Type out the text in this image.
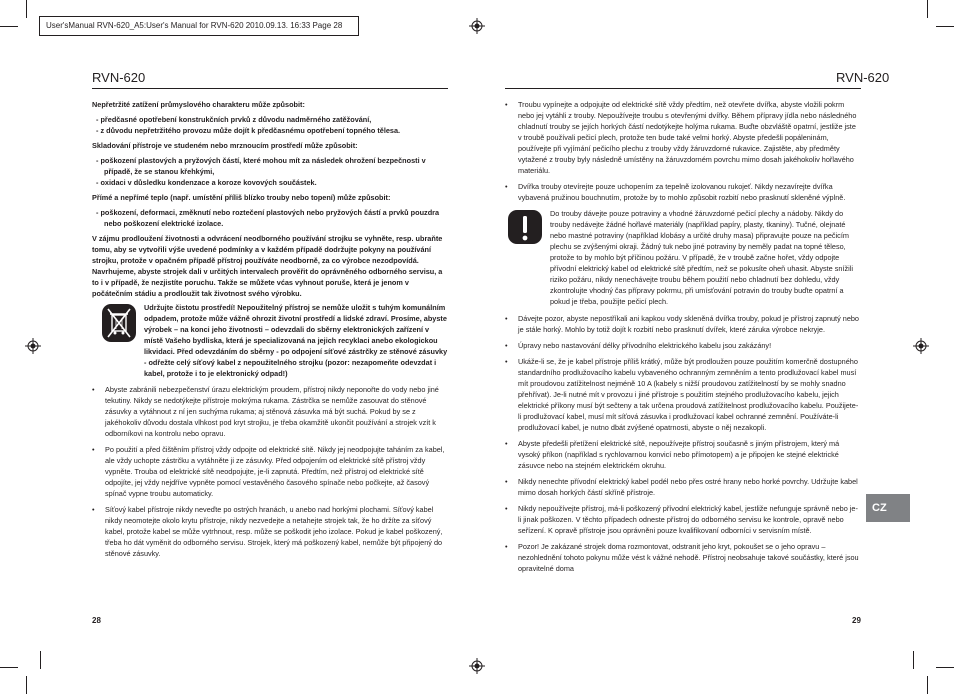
User'sManual RVN-620_A5:User's Manual for RVN-620 2010.09.13. 16:33 Page 28
RVN-620	RVN-620

Nepřetržité zatížení průmyslového charakteru může způsobit:

- předčasné opotřebení konstrukčních prvků z důvodu nadměrného zatěžování,
- z důvodu nepřetržitého provozu může dojít k předčasnému opotřebení topného tělesa.

Skladování přístroje ve studeném nebo mrznoucím prostředí může způsobit:

- poškození plastových a pryžových částí, které mohou mít za následek ohrožení bezpečnosti v případě, že se stanou křehkými,
- oxidaci v důsledku kondenzace a koroze kovových součástek.

Přímé a nepřímé teplo (např. umístění příliš blízko trouby nebo topení) může způsobit:

- poškození, deformaci, změknutí nebo roztečení plastových nebo pryžových částí a prvků pouzdra nebo poškození elektrické izolace.

V zájmu prodloužení životnosti a odvrácení neodborného používání strojku se vyhněte, resp. ubraňte tomu, aby se vytvořili výše uvedené podmínky a v každém případě dodržujte pokyny na používání strojku, protože v opačném případě přístroj používáte neodborně, za co výrobce nezodpovídá. Navrhujeme, abyste strojek dali v určitých intervalech prověřit do oprávněného odborného servisu, a to i v případě, že nezjistíte poruchu. Takže se můžete vćas vyhnout poruše, která je jenom v počátečním stádiu a prodloužit tak životnost svého výrobku.

Udržujte čistotu prostředí! Nepoužitelný přístroj se nemůže uložit s tuhým komunálním odpadem, protože může vážně ohrozit životní prostředí a lidské zdraví. Prosíme, abyste výrobek – na konci jeho životnosti – odevzdali do sběrny elektronických zařízení v místě Vašeho bydliska, která je specializovaná na jejich recyklaci anebo ekologickou likvidaci. Před odevzdáním do sběrny - po odpojení síťové zástrčky ze stěnové zásuvky - odřežte celý síťový kabel z nepoužitelného strojku (pozor: nezapomeňte odevzdat i kabel, protože i to je elektronický odpad!)
• Abyste zabránili nebezpečenství úrazu elektrickým proudem, přístroj nikdy neponořte do vody nebo jiné tekutiny. Nikdy se nedotýkejte přístroje mokrýma rukama. Zástrčka se nemůže zasouvat do stěnové zásuvky a vytáhnout z ní jen suchýma rukama; aj stěnová zásuvka má být suchá. Pokud by se z jakéhokoliv důvodu dostala vlhkost pod kryt strojku, je třeba okamžitě ukončit používání a strojek vzít k odborníkovi na kontrolu nebo opravu.
• Po použití a před čištěním přístroj vždy odpojte od elektrické sítě. Nikdy jej neodpojujte taháním za kabel, ale vždy uchopte zástrčku a vytáhněte ji ze zásuvky. Před odpojením od elektrické sítě přístroj vždy vypněte. Trouba od elektrické sítě neodpojujte, je-li zapnutá. Předtím, než přístroj od elektrické sítě odpojíte, jej vždy nejdříve vypněte pomocí vestavěného časového spínače nebo počkejte, až časový spínač vypne troubu automaticky.
• Síťový kabel přístroje nikdy neveďte po ostrých hranách, u anebo nad horkými plochami. Síťový kabel nikdy neomotejte okolo krytu přístroje, nikdy nezvedejte a netahejte strojek tak, že ho držíte za síťový kabel, protože kabel se může vytrhnout, resp. může se poškodit jeho izolace. Pokud je kabel poškozený, třeba ho dát vyměnit do odborného servisu. Strojek, který má poškozený kabel, nemůže být připojený do stěnové zásuvky.
28
• Troubu vypínejte a odpojujte od elektrické sítě vždy předtím, než otevřete dvířka, abyste vložili pokrm nebo jej vytáhli z trouby. Nepoužívejte troubu s otevřenými dvířky. Během přípravy jídla nebo následného chladnutí trouby se jejích horkých částí nedotýkejte holýma rukama. Buďte obzvláště opatrní, jestliže jste v troubě používali pečicí plech, protože ten bude také velmi horký. Abyste předešli popáleninám, používejte při vyjímání pečicího plechu z trouby vždy žáruvzdorné rukavice. Zajistěte, aby předměty vytažené z trouby byly následně umístěny na žáruvzdorném povrchu mimo dosah jakéhokoliv hořlavého materiálu.
• Dvířka trouby otevírejte pouze uchopením za tepelně izolovanou rukojeť. Nikdy nezavírejte dvířka vybavená pružinou bouchnutím, protože by to mohlo způsobit rozbití nebo prasknutí skleněné výplně.
Do trouby dávejte pouze potraviny a vhodné žáruvzdorné pečicí plechy a nádoby. Nikdy do trouby nedávejte žádné hořlavé materiály (například papíry, plasty, tkaniny). Tučné, olejnaté nebo mastné potraviny (například klobásy a určité druhy masa) připravujte pouze na pečicím plechu se zvýšenými okraji. Žádný tuk nebo jiné potraviny by neměly padat na topné těleso, protože to by mohlo být příčinou požáru. V případě, že v troubě začne hořet, vždy odpojte přívodní elektrický kabel od elektrické sítě předtím, než se pokusíte oheň uhasit. Abyste snížili riziko požáru, nikdy nenechávejte troubu během použití nebo chladnutí bez dohledu, vždy zkontrolujte vhodný čas přípravy pokrmu, při umísťování potravin do trouby buďte opatrní a pokud je třeba, použijte pečicí plech.
• Dávejte pozor, abyste nepostříkali ani kapkou vody skleněná dvířka trouby, pokud je přístroj zapnutý nebo je stále horký. Mohlo by totiž dojít k rozbití nebo prasknutí dvířek, které záruka výrobce nekryje.
• Úpravy nebo nastavování délky přívodního elektrického kabelu jsou zakázány!
• Ukáže-li se, že je kabel přístroje příliš krátký, může být prodloužen pouze použitím komerčně dostupného standardního prodlužovacího kabelu vybaveného ochranným zemněním a tento prodlužovací kabel musí mít proudovou zatížitelnost nejméně 10 A (kabely s nižší proudovou zatížitelností by se mohly snadno přehřívat). Je-li nutné mít v provozu i jiné přístroje s použitím stejného prodlužovacího kabelu, jejich elektrické příkony musí být sečteny a tak určena proudová zatížitelnost prodlužovacího kabelu. Použijete-li prodlužovací kabel, musí mít síťová zásuvka i prodlužovací kabel ochranné zemnění. Používáte-li prodlužovací kabel, je nutno dbát zvýšené opatrnosti, abyste o něj nezakopli.
• Abyste předešli přetížení elektrické sítě, nepoužívejte přístroj současně s jiným přístrojem, který má vysoký příkon (například s rychlovarnou konvicí nebo přímotopem) a je připojen ke stejné elektrické zásuvce nebo na stejném elektrickém okruhu.
• Nikdy nenechte přívodní elektrický kabel podél nebo přes ostré hrany nebo horké povrchy. Udržujte kabel mimo dosah horkých částí skříně přístroje.
• Nikdy nepoužívejte přístroj, má-li poškozený přívodní elektrický kabel, jestliže nefunguje správně nebo je-li jinak poškozen. V těchto případech odneste přístroj do odborného servisu ke kontrole, opravě nebo seřízení. K opravě přístroje jsou oprávněni pouze kvalifikovaní odborníci v servisním místě.
• Pozor! Je zakázané strojek doma rozmontovat, odstranit jeho kryt, pokoušet se o jeho opravu – nezohlednění tohoto pokynu může vést k vážné nehodě. Přístroj neobsahuje takové součástky, které jsou opravitelné doma
29
CZ
